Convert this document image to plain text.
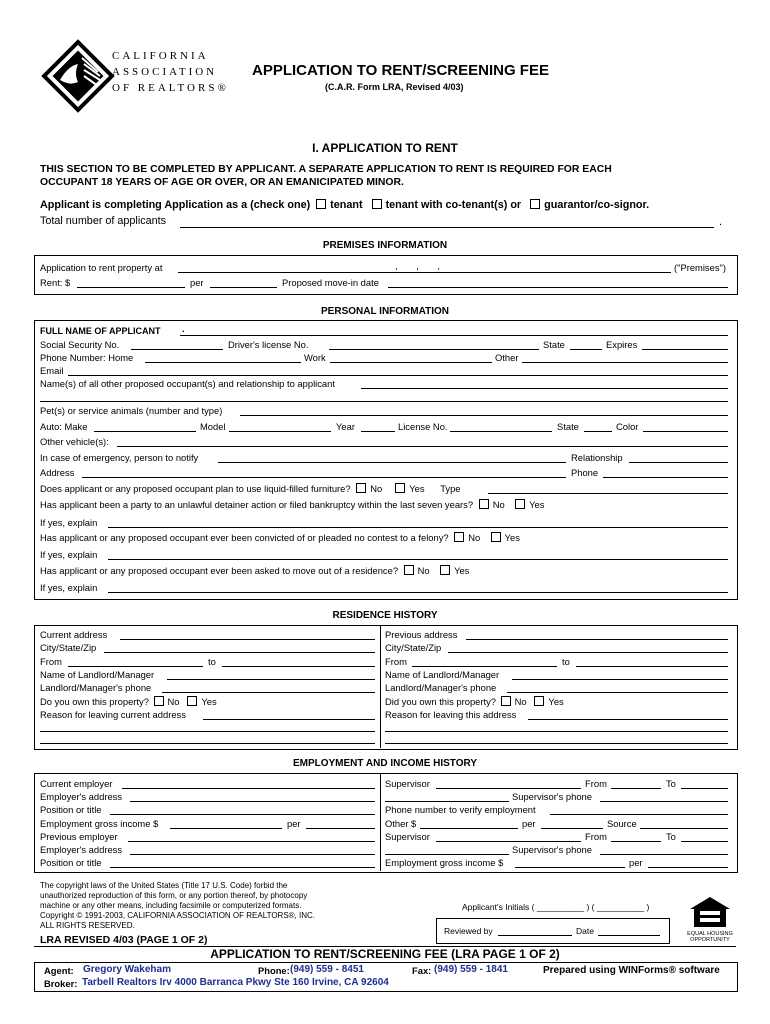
CALIFORNIA
ASSOCIATION
OF REALTORS®
APPLICATION TO RENT/SCREENING FEE
(C.A.R. Form LRA, Revised 4/03)
I. APPLICATION TO RENT
THIS SECTION TO BE COMPLETED BY APPLICANT. A SEPARATE APPLICATION TO RENT IS REQUIRED FOR EACH
OCCUPANT 18 YEARS OF AGE OR OVER, OR AN EMANICIPATED MINOR.
Applicant is completing Application as a (check one) tenant tenant with co-tenant(s) or guarantor/co-signor.
Total number of applicants	.
PREMISES INFORMATION
Application to rent property at	, , ,	("Premises")
Rent: $	per	Proposed move-in date
PERSONAL INFORMATION
FULL NAME OF APPLICANT .
Social Security No.	Driver's license No.	State	Expires
Phone Number: Home	Work	Other
Email
Name(s) of all other proposed occupant(s) and relationship to applicant
Pet(s) or service animals (number and type)
Auto: Make	Model	Year	License No.	State	Color
Other vehicle(s):
In case of emergency, person to notify	Relationship
Address	Phone
Does applicant or any proposed occupant plan to use liquid-filled furniture? No	Yes Type
Has applicant been a party to an unlawful detainer action or filed bankruptcy within the last seven years? No	Yes
If yes, explain
Has applicant or any proposed occupant ever been convicted of or pleaded no contest to a felony? No	Yes
If yes, explain
Has applicant or any proposed occupant ever been asked to move out of a residence? No	Yes
If yes, explain
RESIDENCE HISTORY
Current address
City/State/Zip
From	to
Name of Landlord/Manager
Landlord/Manager's phone
Do you own this property? No Yes
Reason for leaving current address
Previous address
City/State/Zip
From	to
Name of Landlord/Manager
Landlord/Manager's phone
Did you own this property? No Yes
Reason for leaving this address
EMPLOYMENT AND INCOME HISTORY
Current employer
Employer's address
Position or title
Employment gross income $	per
Previous employer
Employer's address
Position or title
Supervisor	From	To
Supervisor's phone
Phone number to verify employment
Other $	per	Source
Supervisor	From	To
Supervisor's phone
Employment gross income $	per
The copyright laws of the United States (Title 17 U.S. Code) forbid the
unauthorized reproduction of this form, or any portion thereof, by photocopy
machine or any other means, including facsimile or computerized formats.
Copyright © 1991-2003, CALIFORNIA ASSOCIATION OF REALTORS®, INC.
ALL RIGHTS RESERVED.
LRA REVISED 4/03 (PAGE 1 OF 2)
Applicant's Initials ( __________ ) ( __________ )
Reviewed by	Date	EQUAL HOUSING
OPPORTUNITY
APPLICATION TO RENT/SCREENING FEE (LRA PAGE 1 OF 2)
Agent: Gregory Wakeham	Phone: (949) 559 - 8451	Fax: (949) 559 - 1841	Prepared using WINForms® software
Broker: Tarbell Realtors Irv 4000 Barranca Pkwy Ste 160 Irvine, CA 92604
